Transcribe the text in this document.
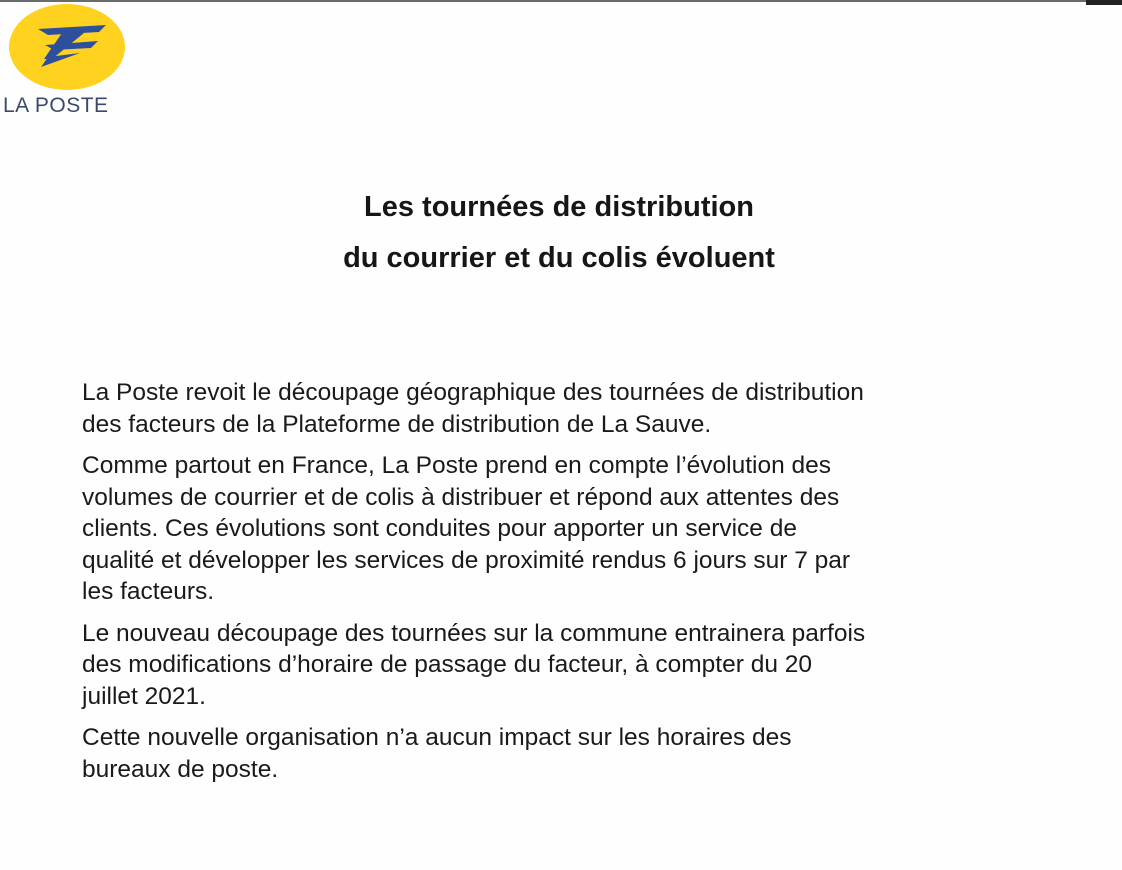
LA POSTE
Les tournées de distribution
du courrier et du colis évoluent

La Poste revoit le découpage géographique des tournées de distribution
des facteurs de la Plateforme de distribution de La Sauve.

Comme partout en France, La Poste prend en compte l’évolution des
volumes de courrier et de colis à distribuer et répond aux attentes des
clients. Ces évolutions sont conduites pour apporter un service de
qualité et développer les services de proximité rendus 6 jours sur 7 par
les facteurs.

Le nouveau découpage des tournées sur la commune entrainera parfois
des modifications d’horaire de passage du facteur, à compter du 20
juillet 2021.

Cette nouvelle organisation n’a aucun impact sur les horaires des
bureaux de poste.
